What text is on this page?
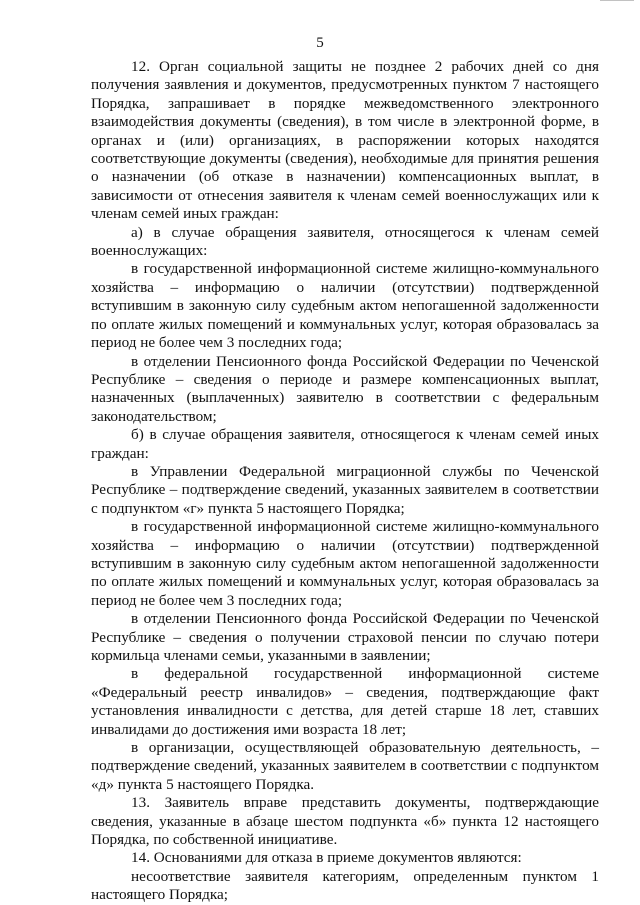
5

12. Орган социальной защиты не позднее 2 рабочих дней со дня получения заявления и документов, предусмотренных пунктом 7 настоящего Порядка, запрашивает в порядке межведомственного электронного взаимодействия документы (сведения), в том числе в электронной форме, в органах и (или) организациях, в распоряжении которых находятся соответствующие документы (сведения), необходимые для принятия решения о назначении (об отказе в назначении) компенсационных выплат, в зависимости от отнесения заявителя к членам семей военнослужащих или к членам семей иных граждан:

а) в случае обращения заявителя, относящегося к членам семей военнослужащих:

в государственной информационной системе жилищно-коммунального хозяйства – информацию о наличии (отсутствии) подтвержденной вступившим в законную силу судебным актом непогашенной задолженности по оплате жилых помещений и коммунальных услуг, которая образовалась за период не более чем 3 последних года;

в отделении Пенсионного фонда Российской Федерации по Чеченской Республике – сведения о периоде и размере компенсационных выплат, назначенных (выплаченных) заявителю в соответствии с федеральным законодательством;

б) в случае обращения заявителя, относящегося к членам семей иных граждан:

в Управлении Федеральной миграционной службы по Чеченской Республике – подтверждение сведений, указанных заявителем в соответствии с подпунктом «г» пункта 5 настоящего Порядка;

в государственной информационной системе жилищно-коммунального хозяйства – информацию о наличии (отсутствии) подтвержденной вступившим в законную силу судебным актом непогашенной задолженности по оплате жилых помещений и коммунальных услуг, которая образовалась за период не более чем 3 последних года;

в отделении Пенсионного фонда Российской Федерации по Чеченской Республике – сведения о получении страховой пенсии по случаю потери кормильца членами семьи, указанными в заявлении;

в федеральной государственной информационной системе «Федеральный реестр инвалидов» – сведения, подтверждающие факт установления инвалидности с детства, для детей старше 18 лет, ставших инвалидами до достижения ими возраста 18 лет;

в организации, осуществляющей образовательную деятельность, – подтверждение сведений, указанных заявителем в соответствии с подпунктом «д» пункта 5 настоящего Порядка.

13. Заявитель вправе представить документы, подтверждающие сведения, указанные в абзаце шестом подпункта «б» пункта 12 настоящего Порядка, по собственной инициативе.

14. Основаниями для отказа в приеме документов являются:

несоответствие заявителя категориям, определенным пунктом 1 настоящего Порядка;
